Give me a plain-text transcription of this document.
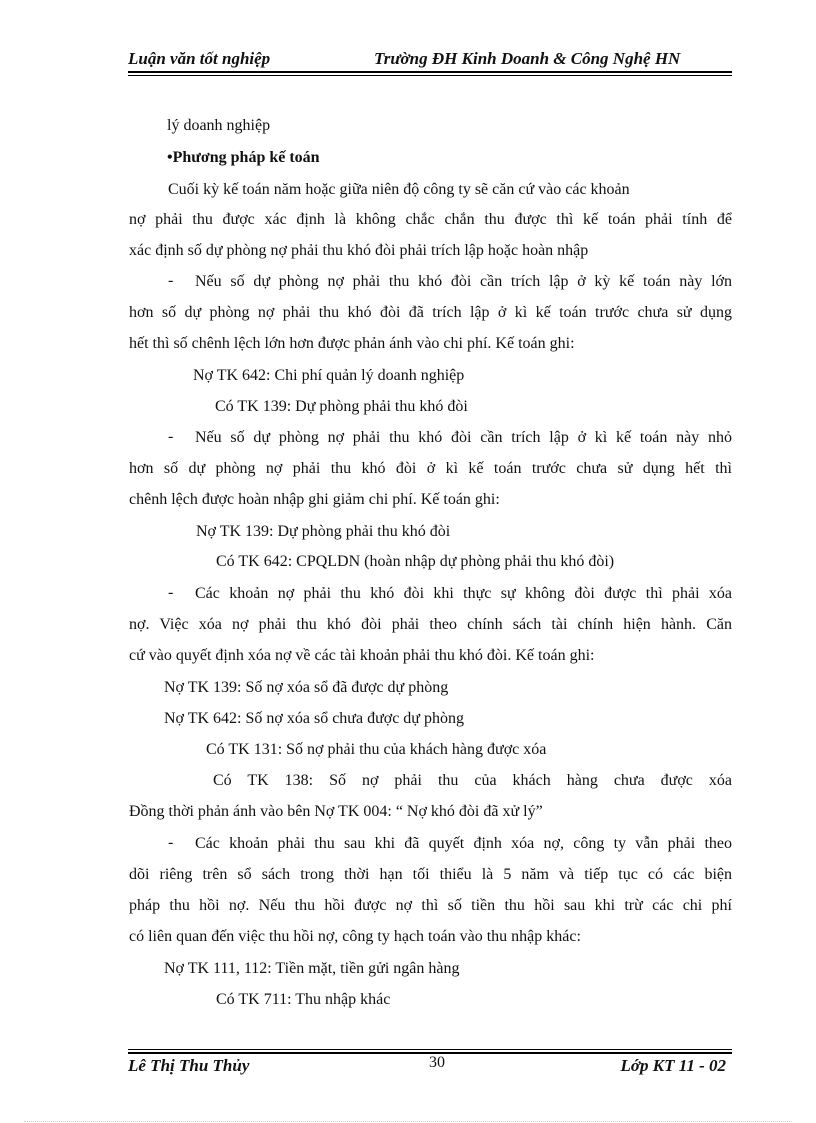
Luận văn tốt nghiệp	Trường ĐH Kinh Doanh & Công Nghệ HN
lý doanh nghiệp
•Phương pháp kế toán
Cuối kỳ kế toán năm hoặc giữa niên độ công ty sẽ căn cứ vào các khoản
nợ phải thu được xác định là không chắc chắn thu được thì kế toán phải tính để
xác định số dự phòng nợ phải thu khó đòi phải trích lập hoặc hoàn nhập
- Nếu số dự phòng nợ phải thu khó đòi cần trích lập ở kỳ kế toán này lớn
hơn số dự phòng nợ phải thu khó đòi đã trích lập ở kì kế toán trước chưa sử dụng
hết thì số chênh lệch lớn hơn được phản ánh vào chi phí. Kế toán ghi:
Nợ TK 642: Chi phí quản lý doanh nghiệp
Có TK 139: Dự phòng phải thu khó đòi
- Nếu số dự phòng nợ phải thu khó đòi cần trích lập ở kì kế toán này nhỏ
hơn số dự phòng nợ phải thu khó đòi ở kì kế toán trước chưa sử dụng hết thì
chênh lệch được hoàn nhập ghi giảm chi phí. Kế toán ghi:
Nợ TK 139: Dự phòng phải thu khó đòi
Có TK 642: CPQLDN (hoàn nhập dự phòng phải thu khó đòi)
- Các khoản nợ phải thu khó đòi khi thực sự không đòi được thì phải xóa
nợ. Việc xóa nợ phải thu khó đòi phải theo chính sách tài chính hiện hành. Căn
cứ vào quyết định xóa nợ về các tài khoản phải thu khó đòi. Kế toán ghi:
Nợ TK 139: Số nợ xóa sổ đã được dự phòng
Nợ TK 642: Số nợ xóa sổ chưa được dự phòng
Có TK 131: Số nợ phải thu của khách hàng được xóa
Có TK 138: Số nợ phải thu của khách hàng chưa được xóa
Đồng thời phản ánh vào bên Nợ TK 004: “ Nợ khó đòi đã xử lý”
- Các khoản phải thu sau khi đã quyết định xóa nợ, công ty vẫn phải theo
dõi riêng trên sổ sách trong thời hạn tối thiểu là 5 năm và tiếp tục có các biện
pháp thu hồi nợ. Nếu thu hồi được nợ thì số tiền thu hồi sau khi trừ các chi phí
có liên quan đến việc thu hồi nợ, công ty hạch toán vào thu nhập khác:
Nợ TK 111, 112: Tiền mặt, tiền gửi ngân hàng
Có TK 711: Thu nhập khác
Lê Thị Thu Thủy	30	Lớp KT 11 - 02
